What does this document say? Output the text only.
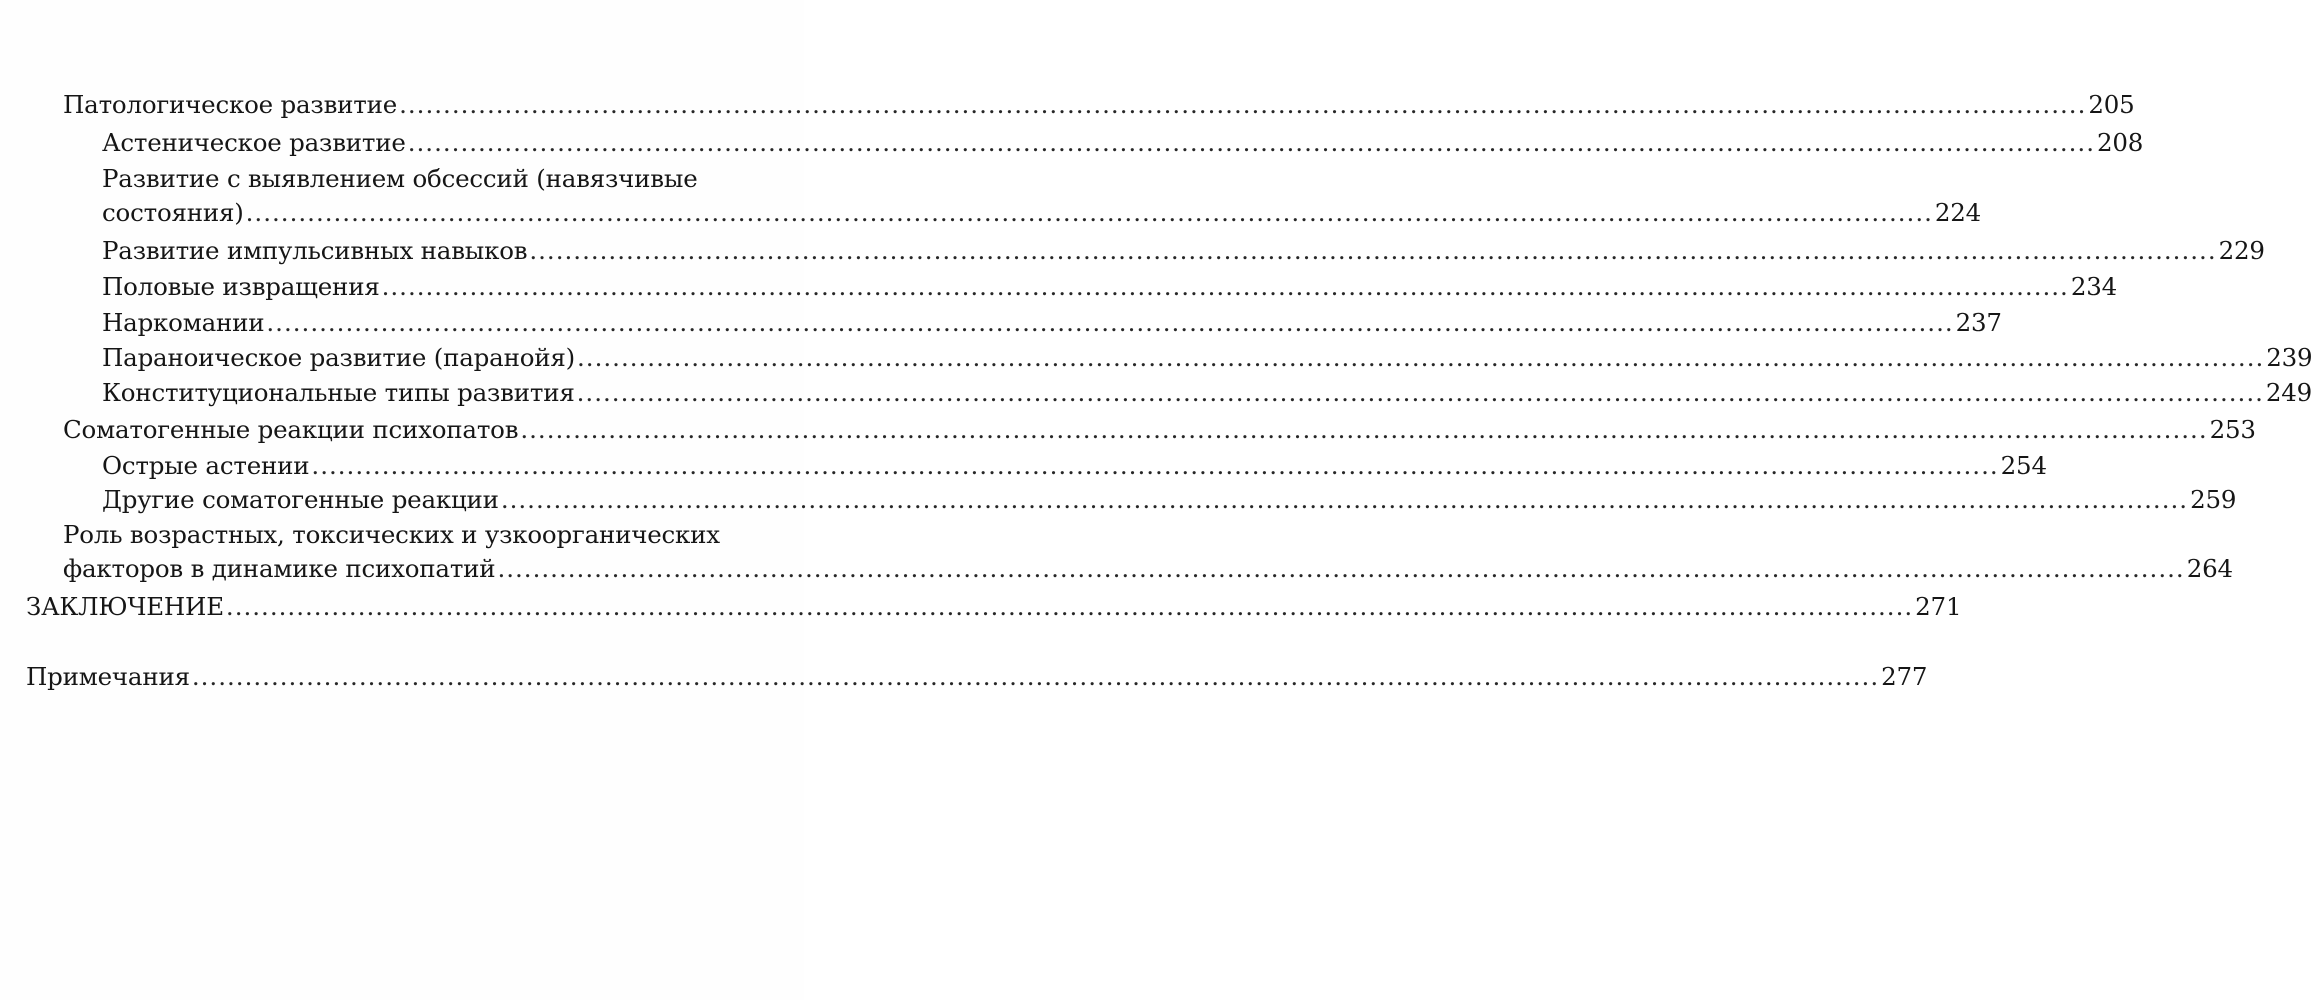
Патологическое развитие .....	205
Астеническое развитие .....	208
Развитие с выявлением обсессий (навязчивые
состояния) .....	224
Развитие импульсивных навыков .....	229
Половые извращения .....	234
Наркомании .....	237
Параноическое развитие (паранойя) .....	239
Конституциональные типы развития .....	249
Соматогенные реакции психопатов .....	253
Острые астении .....	254
Другие соматогенные реакции .....	259
Роль возрастных, токсических и узкоорганических
факторов в динамике психопатий .....	264
ЗАКЛЮЧЕНИЕ .....	271
Примечания .....	277
